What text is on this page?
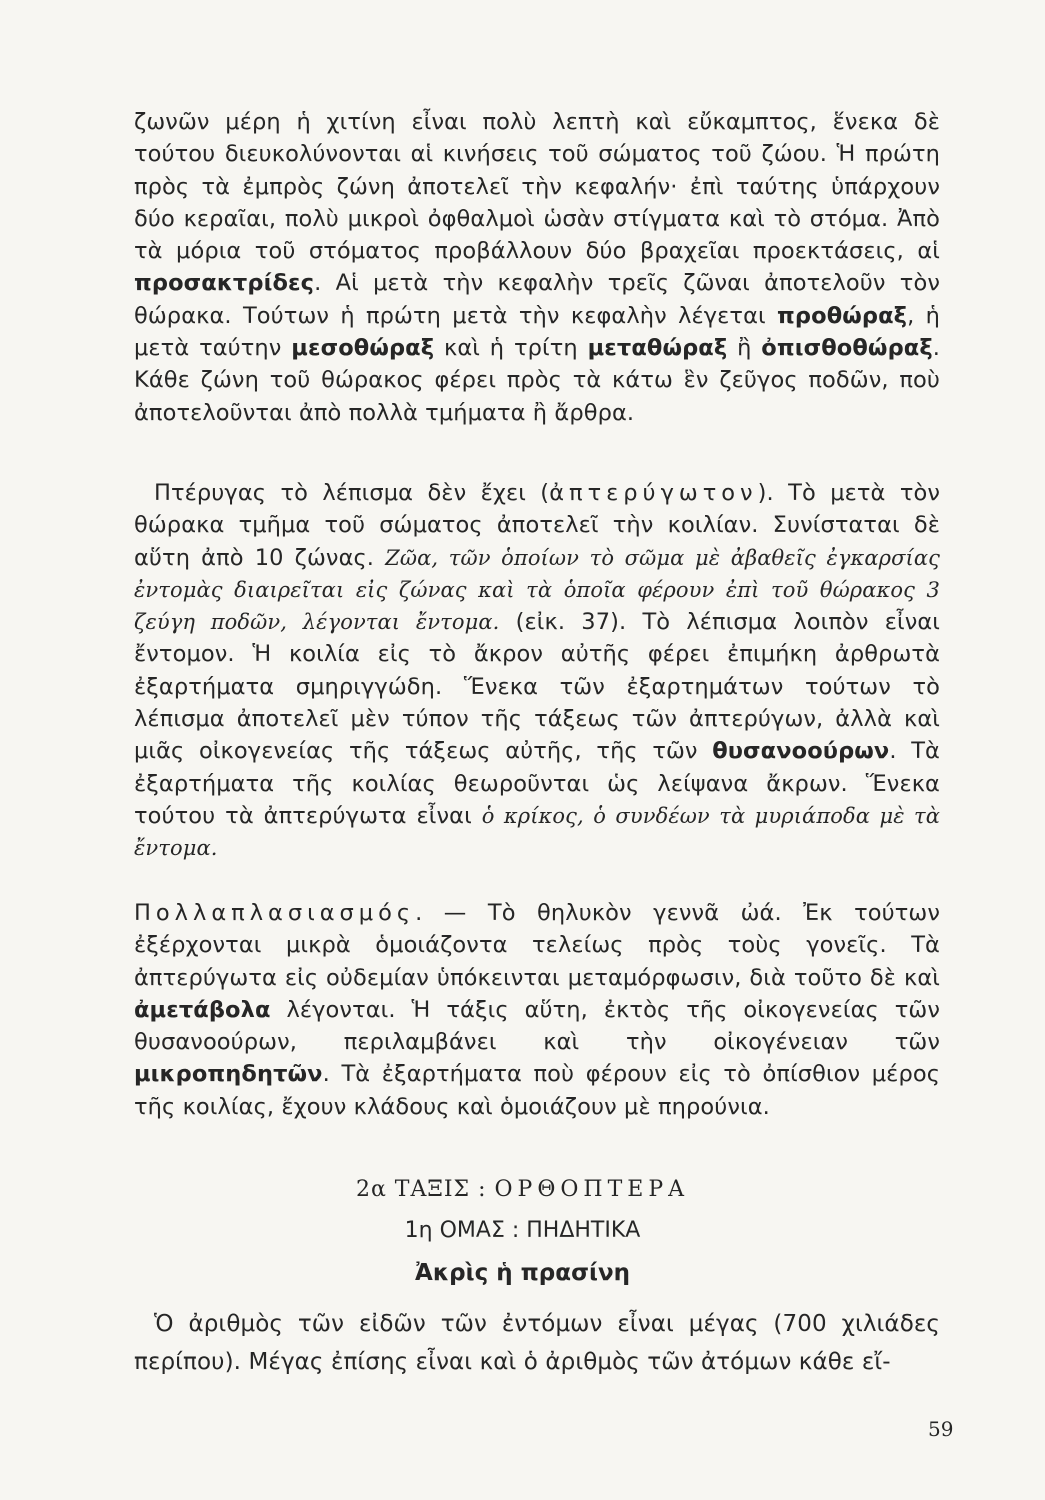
ζωνῶν μέρη ἡ χιτίνη εἶναι πολὺ λεπτὴ καὶ εὔκαμπτος, ἕνεκα δὲ τούτου διευκολύνονται αἱ κινήσεις τοῦ σώματος τοῦ ζώου. Ἡ πρώτη πρὸς τὰ ἐμπρὸς ζώνη ἀποτελεῖ τὴν κεφαλήν· ἐπὶ ταύτης ὑπάρχουν δύο κεραῖαι, πολὺ μικροὶ ὀφθαλμοὶ ὡσὰν στίγματα καὶ τὸ στόμα. Ἀπὸ τὰ μόρια τοῦ στόματος προβάλλουν δύο βραχεῖαι προεκτάσεις, αἱ προσακτρίδες. Αἱ μετὰ τὴν κεφαλὴν τρεῖς ζῶναι ἀποτελοῦν τὸν θώρακα. Τούτων ἡ πρώτη μετὰ τὴν κεφαλὴν λέγεται προθώραξ, ἡ μετὰ ταύτην μεσοθώραξ καὶ ἡ τρίτη μεταθώραξ ἢ ὀπισθοθώραξ. Κάθε ζώνη τοῦ θώρακος φέρει πρὸς τὰ κάτω ἓν ζεῦγος ποδῶν, ποὺ ἀποτελοῦνται ἀπὸ πολλὰ τμήματα ἢ ἄρθρα.
Πτέρυγας τὸ λέπισμα δὲν ἔχει (ἀπτερύγωτον). Τὸ μετὰ τὸν θώρακα τμῆμα τοῦ σώματος ἀποτελεῖ τὴν κοιλίαν. Συνίσταται δὲ αὕτη ἀπὸ 10 ζώνας. Ζῶα, τῶν ὁποίων τὸ σῶμα μὲ ἀβαθεῖς ἐγκαρσίας ἐντομὰς διαιρεῖται εἰς ζώνας καὶ τὰ ὁποῖα φέρουν ἐπὶ τοῦ θώρακος 3 ζεύγη ποδῶν, λέγονται ἔντομα. (εἰκ. 37). Τὸ λέπισμα λοιπὸν εἶναι ἔντομον. Ἡ κοιλία εἰς τὸ ἄκρον αὐτῆς φέρει ἐπιμήκη ἀρθρωτὰ ἐξαρτήματα σμηριγγώδη. Ἕνεκα τῶν ἐξαρτημάτων τούτων τὸ λέπισμα ἀποτελεῖ μὲν τύπον τῆς τάξεως τῶν ἀπτερύγων, ἀλλὰ καὶ μιᾶς οἰκογενείας τῆς τάξεως αὐτῆς, τῆς τῶν θυσανοούρων. Τὰ ἐξαρτήματα τῆς κοιλίας θεωροῦνται ὡς λείψανα ἄκρων. Ἕνεκα τούτου τὰ ἀπτερύγωτα εἶναι ὁ κρίκος, ὁ συνδέων τὰ μυριάποδα μὲ τὰ ἔντομα.
Πολλαπλασιασμός. — Τὸ θηλυκὸν γεννᾶ ὠά. Ἐκ τούτων ἐξέρχονται μικρὰ ὁμοιάζοντα τελείως πρὸς τοὺς γονεῖς. Τὰ ἀπτερύγωτα εἰς οὐδεμίαν ὑπόκεινται μεταμόρφωσιν, διὰ τοῦτο δὲ καὶ ἀμετάβολα λέγονται. Ἡ τάξις αὕτη, ἐκτὸς τῆς οἰκογενείας τῶν θυσανοούρων, περιλαμβάνει καὶ τὴν οἰκογένειαν τῶν μικροπηδητῶν. Τὰ ἐξαρτήματα ποὺ φέρουν εἰς τὸ ὀπίσθιον μέρος τῆς κοιλίας, ἔχουν κλάδους καὶ ὁμοιάζουν μὲ πηρούνια.
2α ΤΑΞΙΣ : ΟΡΘΟΠΤΕΡΑ
1η ΟΜΑΣ : ΠΗΔΗΤΙΚΑ
Ἀκρὶς ἡ πρασίνη
Ὁ ἀριθμὸς τῶν εἰδῶν τῶν ἐντόμων εἶναι μέγας (700 χιλιάδες περίπου). Μέγας ἐπίσης εἶναι καὶ ὁ ἀριθμὸς τῶν ἀτόμων κάθε εἴ-
59
